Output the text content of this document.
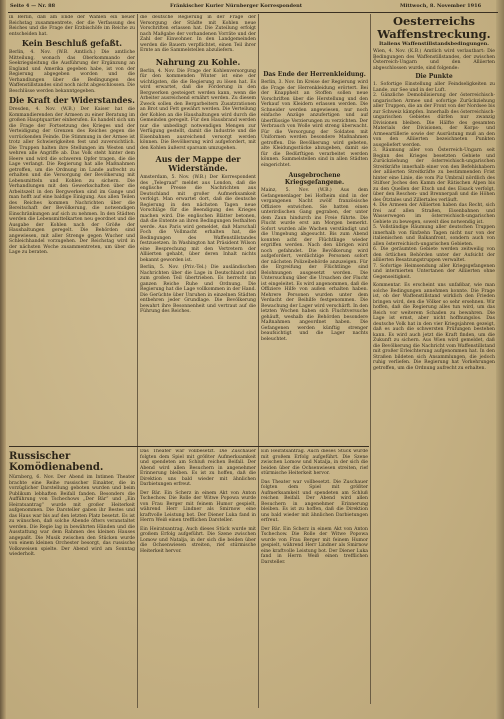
Seite 4 — Nr. 88	Fränkischer Kurier Nürnberger Korrespondent	Mittwoch, 8. November 1916

in Berlin, daß am Ende der Wahlen ein neuer Reichstag zusammentrete, der die Verfassung des Reiches und die Frage der Erzbischöfe im Reiche zu entscheiden hat.

Kein Beschluß gefaßt.

Berlin, 4. Nov. (W.B. Amtlich.) Die amtliche Mitteilung, wonach das Oberkommando der Seekriegsleitung die Ausführung der Ergänzung an England und Amerika gegeben habe, ist von der Regierung abgegeben worden und die Verhandlungen über die Bedingungen des Waffenstillstandes sind noch nicht abgeschlossen. Die Beschlüsse werden bekanntgegeben.

Die Kraft der Widerstandes.

Dresden, 4. Nov. (W.B.) Der Kaiser hat die Kommandierenden der Armeen zu einer Beratung im großen Hauptquartier einberufen. Es handelt sich um die Frage der Fortsetzung des Krieges und der Verteidigung der Grenzen des Reiches gegen die vorrückenden Feinde. Die Stimmung in der Armee ist trotz aller Schwierigkeiten fest und zuversichtlich. Die Truppen halten ihre Stellungen im Westen und wehren alle Angriffe ab. Das Volk steht hinter dem Heere und wird die schweren Opfer tragen, die die Lage verlangt. Die Regierung hat alle Maßnahmen getroffen, um die Ordnung im Lande aufrecht zu erhalten und die Versorgung der Bevölkerung mit Lebensmitteln und Kohlen zu sichern. Die Verhandlungen mit den Gewerkschaften über die Arbeitszeit in den Bergwerken sind im Gange und man hofft auf eine baldige Einigung. Aus allen Teilen des Reiches kommen Nachrichten über die Bereitschaft der Bevölkerung, die notwendigen Einschränkungen auf sich zu nehmen. In den Städten werden die Lebensmittelkarten neu geordnet und die Ausgabe der Kohlen nach der Größe der Haushaltungen geregelt. Die Behörden sind angewiesen, mit aller Strenge gegen Wucher und Schleichhandel vorzugehen. Der Reichstag wird in der nächsten Woche zusammentreten, um über die Lage zu beraten.

die deutsche Regierung in der Frage der Versorgung der Städte mit Kohlen neue Vorschriften erlassen hat. Die Zuteilung erfolgt nach Maßgabe der vorhandenen Vorräte und der Zahl der Einwohner. In den Landgemeinden werden die Bauern verpflichtet, einen Teil ihrer Ernte an die Sammelstellen abzuliefern.

Nahrung zu Kohle.

Berlin, 4. Nov. Die Frage der Kohlenversorgung für den kommenden Winter ist eine der wichtigsten, die die Regierung zu lösen hat. Es wird erwartet, daß die Förderung in den Bergwerken gesteigert werden kann, wenn die Arbeiter ausreichend ernährt werden. Zu diesem Zweck sollen den Bergarbeitern Zusatzrationen an Brot und Fett gewährt werden. Die Verteilung der Kohlen an die Haushaltungen wird durch die Gemeinden geregelt. Für den Hausbrand werden nur die unbedingt notwendigen Mengen zur Verfügung gestellt, damit die Industrie und die Eisenbahnen ausreichend versorgt werden können. Die Bevölkerung wird aufgefordert, mit den Kohlen äußerst sparsam umzugehen.

Aus der Mappe der Widerstände.

Amsterdam, 5. Nov. (W.B.) Der Korrespondent des „Telegraaf“ meldet aus London, daß die englische Presse die Nachrichten aus Deutschland mit großer Aufmerksamkeit verfolgt. Man erwartet dort, daß die deutsche Regierung in den nächsten Tagen neue Vorschläge für die Beendigung des Krieges machen wird. Die englischen Blätter betonen, daß die Entente an ihren Bedingungen festhalten werde. Aus Paris wird gemeldet, daß Marschall Foch die Vollmacht erhalten hat, die Bedingungen des Waffenstillstandes festzusetzen. In Washington hat Präsident Wilson eine Besprechung mit den Vertretern der Alliierten gehabt, über deren Inhalt nichts bekannt geworden ist.

Berlin, 5. Nov. (Priv.-Tel.) Die ausländischen Nachrichten über die Lage in Deutschland sind zum großen Teil übertrieben. Es herrscht im ganzen Reiche Ruhe und Ordnung. Die Regierung hat die Lage vollkommen in der Hand. Die Gerüchte über Unruhen in einzelnen Städten entbehren jeder Grundlage. Die Bevölkerung bewahrt ihre Besonnenheit und vertraut auf die Führung des Reiches.

Das Ende der Herrenkleidung.

Berlin, 3. Nov. Im Kreise der Regierung wird die Frage der Herrenkleidung erörtert. Bei der Knappheit an Stoffen sollen neue Vorschriften über die Herstellung und den Verkauf von Kleidern erlassen werden. Die Schneider werden angewiesen, nur noch einfache Anzüge anzufertigen und auf überflüssige Verzierungen zu verzichten. Der Verbrauch von Wolle wird streng überwacht. Für die Versorgung der Soldaten mit Uniformen werden besondere Maßnahmen getroffen. Die Bevölkerung wird gebeten, alte Kleidungsstücke abzugeben, damit sie für die Bedürftigen verarbeitet werden können. Sammelstellen sind in allen Städten eingerichtet.

Ausgebrochene Kriegsgefangene.

Mainz, 5. Nov. (W.B.) Aus dem Gefangenenlager bei Hofheim sind in der vergangenen Nacht zwölf französische Offiziere entwichen. Sie hatten einen unterirdischen Gang gegraben, der unter dem Zaun hindurch ins Freie führte. Die Flucht wurde erst am Morgen bemerkt. Sofort wurden alle Wachen verständigt und die Umgebung abgesucht. Bis zum Abend konnten acht der Flüchtlinge wieder ergriffen werden. Nach den übrigen wird noch gefahndet. Die Bevölkerung wird aufgefordert, verdächtige Personen sofort der nächsten Polizeibehörde anzuzeigen. Für die Ergreifung der Flüchtlinge sind Belohnungen ausgesetzt worden. Die Untersuchung über die Ursachen der Flucht ist eingeleitet. Es wird angenommen, daß die Offiziere Hilfe von außen erhalten haben. Mehrere Personen wurden unter dem Verdacht der Beihilfe festgenommen. Die Bewachung der Lager wird verschärft. In den letzten Wochen haben sich Fluchtversuche gehäuft, weshalb die Behörden besondere Maßnahmen angeordnet haben. Die Gefangenen werden künftig strenger beaufsichtigt und die Lager nachts beleuchtet.

Oesterreichs Waffenstreckung.
Italiens Waffenstillstandsbedingungen.

Wien, 4. Nov. (K.B.) Amtlich wird verlautbart: Die Bedingungen des Waffenstillstandes, der zwischen Österreich-Ungarn und den Alliierten abgeschlossen wurde, sind folgende:

Die Punkte

1. Sofortige Einstellung aller Feindseligkeiten zu Lande, zur See und in der Luft.
2. Gänzliche Demobilisierung der österreichisch-ungarischen Armee und sofortige Zurückziehung aller Truppen, die an der Front von der Nordsee bis zur Schweiz kämpfen. Innerhalb des österreichisch-ungarischen Gebietes dürfen nur zwanzig Divisionen bleiben. Die Hälfte des gesamten Materials der Divisionen, der Korps- und Armeeartillerie sowie der Ausrüstung muß an den von den Alliierten bezeichneten Punkten ausgeliefert werden.
3. Räumung aller von Österreich-Ungarn seit Beginn des Krieges besetzten Gebiete und Zurückziehung der österreichisch-ungarischen Streitkräfte innerhalb einer von den Befehlshabern der alliierten Streitkräfte zu bestimmenden Frist hinter eine Linie, die vom Piz Umbrail nördlich des Stilfser Joches den Kamm der Rätischen Alpen bis zu den Quellen der Etsch und des Eisack verfolgt, über den Reschen- und Brennerpaß und die Höhen des Ötztales und Zillertales verläuft.
4. Die Armeen der Alliierten haben das Recht, sich frei auf allen Straßen, Eisenbahnen und Wasserwegen im österreichisch-ungarischen Gebiete zu bewegen, soweit dies notwendig ist.
5. Vollständige Räumung aller deutschen Truppen innerhalb von fünfzehn Tagen nicht nur von der italienischen und Balkanfront, sondern auch von allen österreichisch-ungarischen Gebieten.
6. Die geräumten Gebiete werden zeitweilig von den örtlichen Behörden unter der Aufsicht der alliierten Besatzungstruppen verwaltet.
7. Sofortige Heimsendung aller Kriegsgefangenen und internierten Untertanen der Alliierten ohne Gegenseitigkeit.

Kommentar. Es erscheint uns unfaßbar, wie man solche Bedingungen annehmen konnte. Die Frage ist, ob der Waffenstillstand wirklich den Frieden bringen wird, den die Völker so sehr ersehnen. Wir hoffen, daß die Regierung alles tun wird, um das Reich vor weiterem Schaden zu bewahren. Die Lage ist ernst, aber nicht hoffnungslos. Das deutsche Volk hat in den vier Kriegsjahren gezeigt, daß es auch die schwersten Prüfungen bestehen kann. Es wird auch jetzt die Kraft finden, um die Zukunft zu sichern. Aus Wien wird gemeldet, daß die Bevölkerung die Nachricht vom Waffenstillstand mit großer Erleichterung aufgenommen hat. In den Straßen bildeten sich Ansammlungen, die jedoch ruhig verliefen. Die Regierung hat Vorkehrungen getroffen, um die Ordnung aufrecht zu erhalten.

Russischer Komödienabend.

Nürnberg, 6. Nov. Der Abend im Intimen Theater brachte eine Reihe russischer Einakter, die in vorzüglicher Darstellung geboten wurden und beim Publikum lebhaften Beifall fanden. Besonders die Aufführung von Tschechows „Der Bär“ und „Ein Heiratsantrag“ wurde mit großer Heiterkeit aufgenommen. Die Darsteller gaben ihr Bestes und das Haus war bis auf den letzten Platz besetzt. Es ist zu wünschen, daß solche Abende öfters veranstaltet werden. Die Regie lag in bewährten Händen und die Ausstattung war dem Rahmen des kleinen Hauses angepaßt. Die Musik zwischen den Stücken wurde von einem kleinen Orchester besorgt, das russische Volksweisen spielte. Der Abend wird am Sonntag wiederholt.

Das Theater war vollbesetzt. Die Zuschauer folgten dem Spiel mit größter Aufmerksamkeit und spendeten am Schluß reichen Beifall. Der Abend wird allen Besuchern in angenehmer Erinnerung bleiben. Es ist zu hoffen, daß die Direktion uns bald wieder mit ähnlichen Darbietungen erfreut.

Der Bär. Ein Scherz in einem Akt von Anton Tschechow. Die Rolle der Witwe Popowa wurde von Frau Berger mit feinem Humor gespielt, während Herr Lindner als Smirnow eine kraftvolle Leistung bot. Der Diener Luka fand in Herrn Weiß einen trefflichen Darsteller.

Ein Heiratsantrag. Auch dieses Stück wurde mit großem Erfolg aufgeführt. Die Szene zwischen Lomow und Natalja, in der sich die beiden über die Ochsenwiesen streiten, rief stürmische Heiterkeit hervor.

Ein Heiratsantrag. Auch dieses Stück wurde mit großem Erfolg aufgeführt. Die Szene zwischen Lomow und Natalja, in der sich die beiden über die Ochsenwiesen streiten, rief stürmische Heiterkeit hervor.

Das Theater war vollbesetzt. Die Zuschauer folgten dem Spiel mit größter Aufmerksamkeit und spendeten am Schluß reichen Beifall. Der Abend wird allen Besuchern in angenehmer Erinnerung bleiben. Es ist zu hoffen, daß die Direktion uns bald wieder mit ähnlichen Darbietungen erfreut.

Der Bär. Ein Scherz in einem Akt von Anton Tschechow. Die Rolle der Witwe Popowa wurde von Frau Berger mit feinem Humor gespielt, während Herr Lindner als Smirnow eine kraftvolle Leistung bot. Der Diener Luka fand in Herrn Weiß einen trefflichen Darsteller.
